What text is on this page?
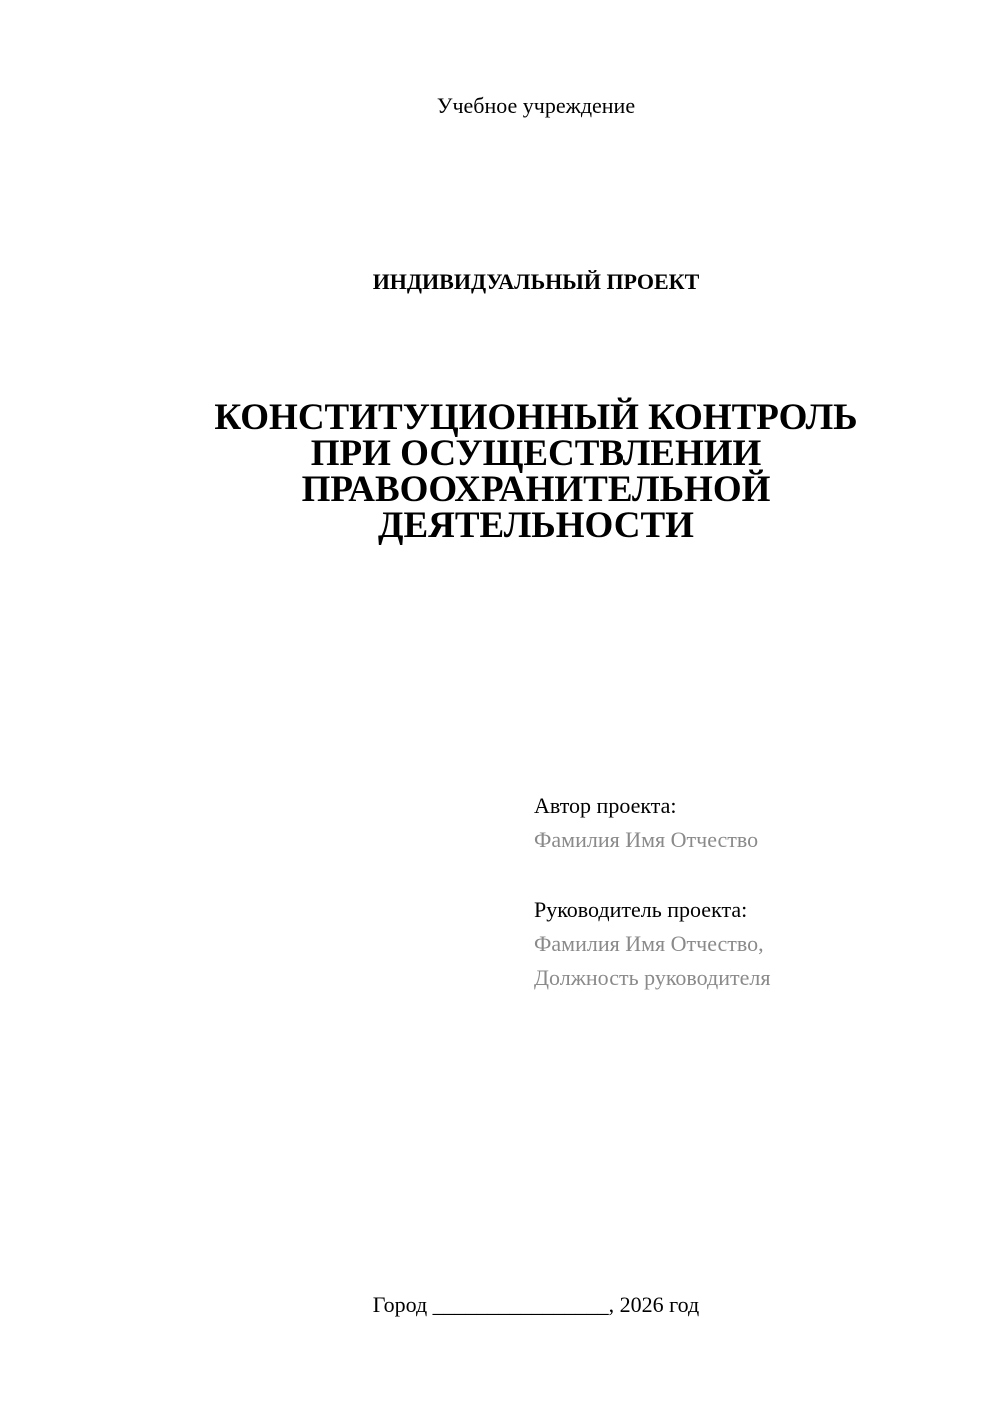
Учебное учреждение
ИНДИВИДУАЛЬНЫЙ ПРОЕКТ
КОНСТИТУЦИОННЫЙ КОНТРОЛЬ
ПРИ ОСУЩЕСТВЛЕНИИ
ПРАВООХРАНИТЕЛЬНОЙ
ДЕЯТЕЛЬНОСТИ
Автор проекта:
Фамилия Имя Отчество
Руководитель проекта:
Фамилия Имя Отчество,
Должность руководителя
Город ________________, 2026 год
